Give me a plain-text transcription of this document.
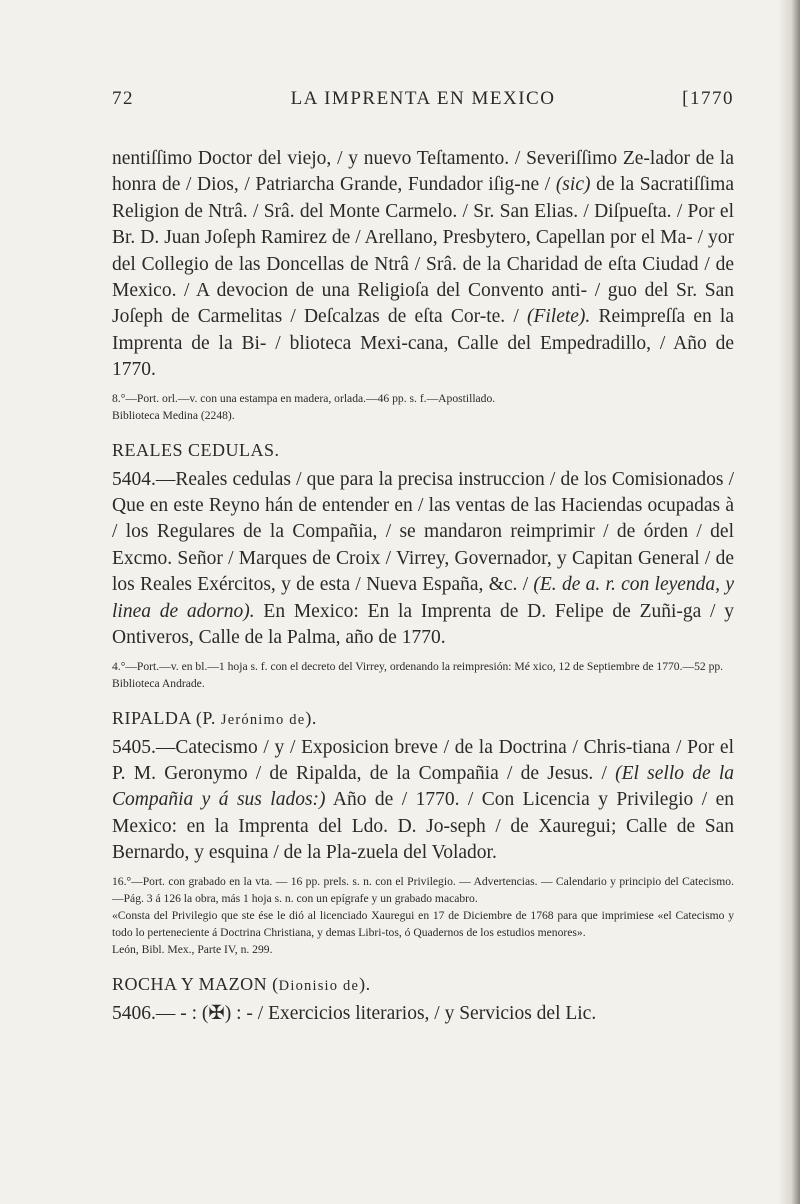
72	LA IMPRENTA EN MEXICO	[1770

nentiſſimo Doctor del viejo, / y nuevo Teſtamento. / Severiſſimo Ze-lador de la honra de / Dios, / Patriarcha Grande, Fundador iſig-ne / (sic) de la Sacratiſſima Religion de Ntrâ. / Srâ. del Monte Carmelo. / Sr. San Elias. / Diſpueſta. / Por el Br. D. Juan Joſeph Ramirez de / Arellano, Presbytero, Capellan por el Ma- / yor del Collegio de las Doncellas de Ntrâ / Srâ. de la Charidad de eſta Ciudad / de Mexico. / A devocion de una Religioſa del Convento anti- / guo del Sr. San Joſeph de Carmelitas / Deſcalzas de eſta Cor-te. / (Filete). Reimpreſſa en la Imprenta de la Bi- / blioteca Mexi-cana, Calle del Empedradillo, / Año de 1770.

8.°—Port. orl.—v. con una estampa en madera, orlada.—46 pp. s. f.—Apostillado.

Biblioteca Medina (2248).

REALES CEDULAS.

5404.—Reales cedulas / que para la precisa instruccion / de los Comisionados / Que en este Reyno hán de entender en / las ventas de las Haciendas ocupadas à / los Regulares de la Compañia, / se mandaron reimprimir / de órden / del Excmo. Señor / Marques de Croix / Virrey, Governador, y Capitan General / de los Reales Exércitos, y de esta / Nueva España, &c. / (E. de a. r. con leyenda, y linea de adorno). En Mexico: En la Imprenta de D. Felipe de Zuñi-ga / y Ontiveros, Calle de la Palma, año de 1770.

4.°—Port.—v. en bl.—1 hoja s. f. con el decreto del Virrey, ordenando la reimpresión: Mé xico, 12 de Septiembre de 1770.—52 pp.

Biblioteca Andrade.

RIPALDA (P. Jerónimo de).

5405.—Catecismo / y / Exposicion breve / de la Doctrina / Chris-tiana / Por el P. M. Geronymo / de Ripalda, de la Compañia / de Jesus. / (El sello de la Compañia y á sus lados:) Año de / 1770. / Con Licencia y Privilegio / en Mexico: en la Imprenta del Ldo. D. Jo-seph / de Xauregui; Calle de San Bernardo, y esquina / de la Pla-zuela del Volador.

16.°—Port. con grabado en la vta. — 16 pp. prels. s. n. con el Privilegio. — Advertencias. — Calendario y principio del Catecismo.—Pág. 3 á 126 la obra, más 1 hoja s. n. con un epígrafe y un grabado macabro.

«Consta del Privilegio que ste ése le dió al licenciado Xauregui en 17 de Diciembre de 1768 para que imprimiese «el Catecismo y todo lo perteneciente á Doctrina Christiana, y demas Libri-tos, ó Quadernos de los estudios menores».

León, Bibl. Mex., Parte IV, n. 299.

ROCHA Y MAZON (Dionisio de).

5406.— - : (✠) : - / Exercicios literarios, / y Servicios del Lic.
